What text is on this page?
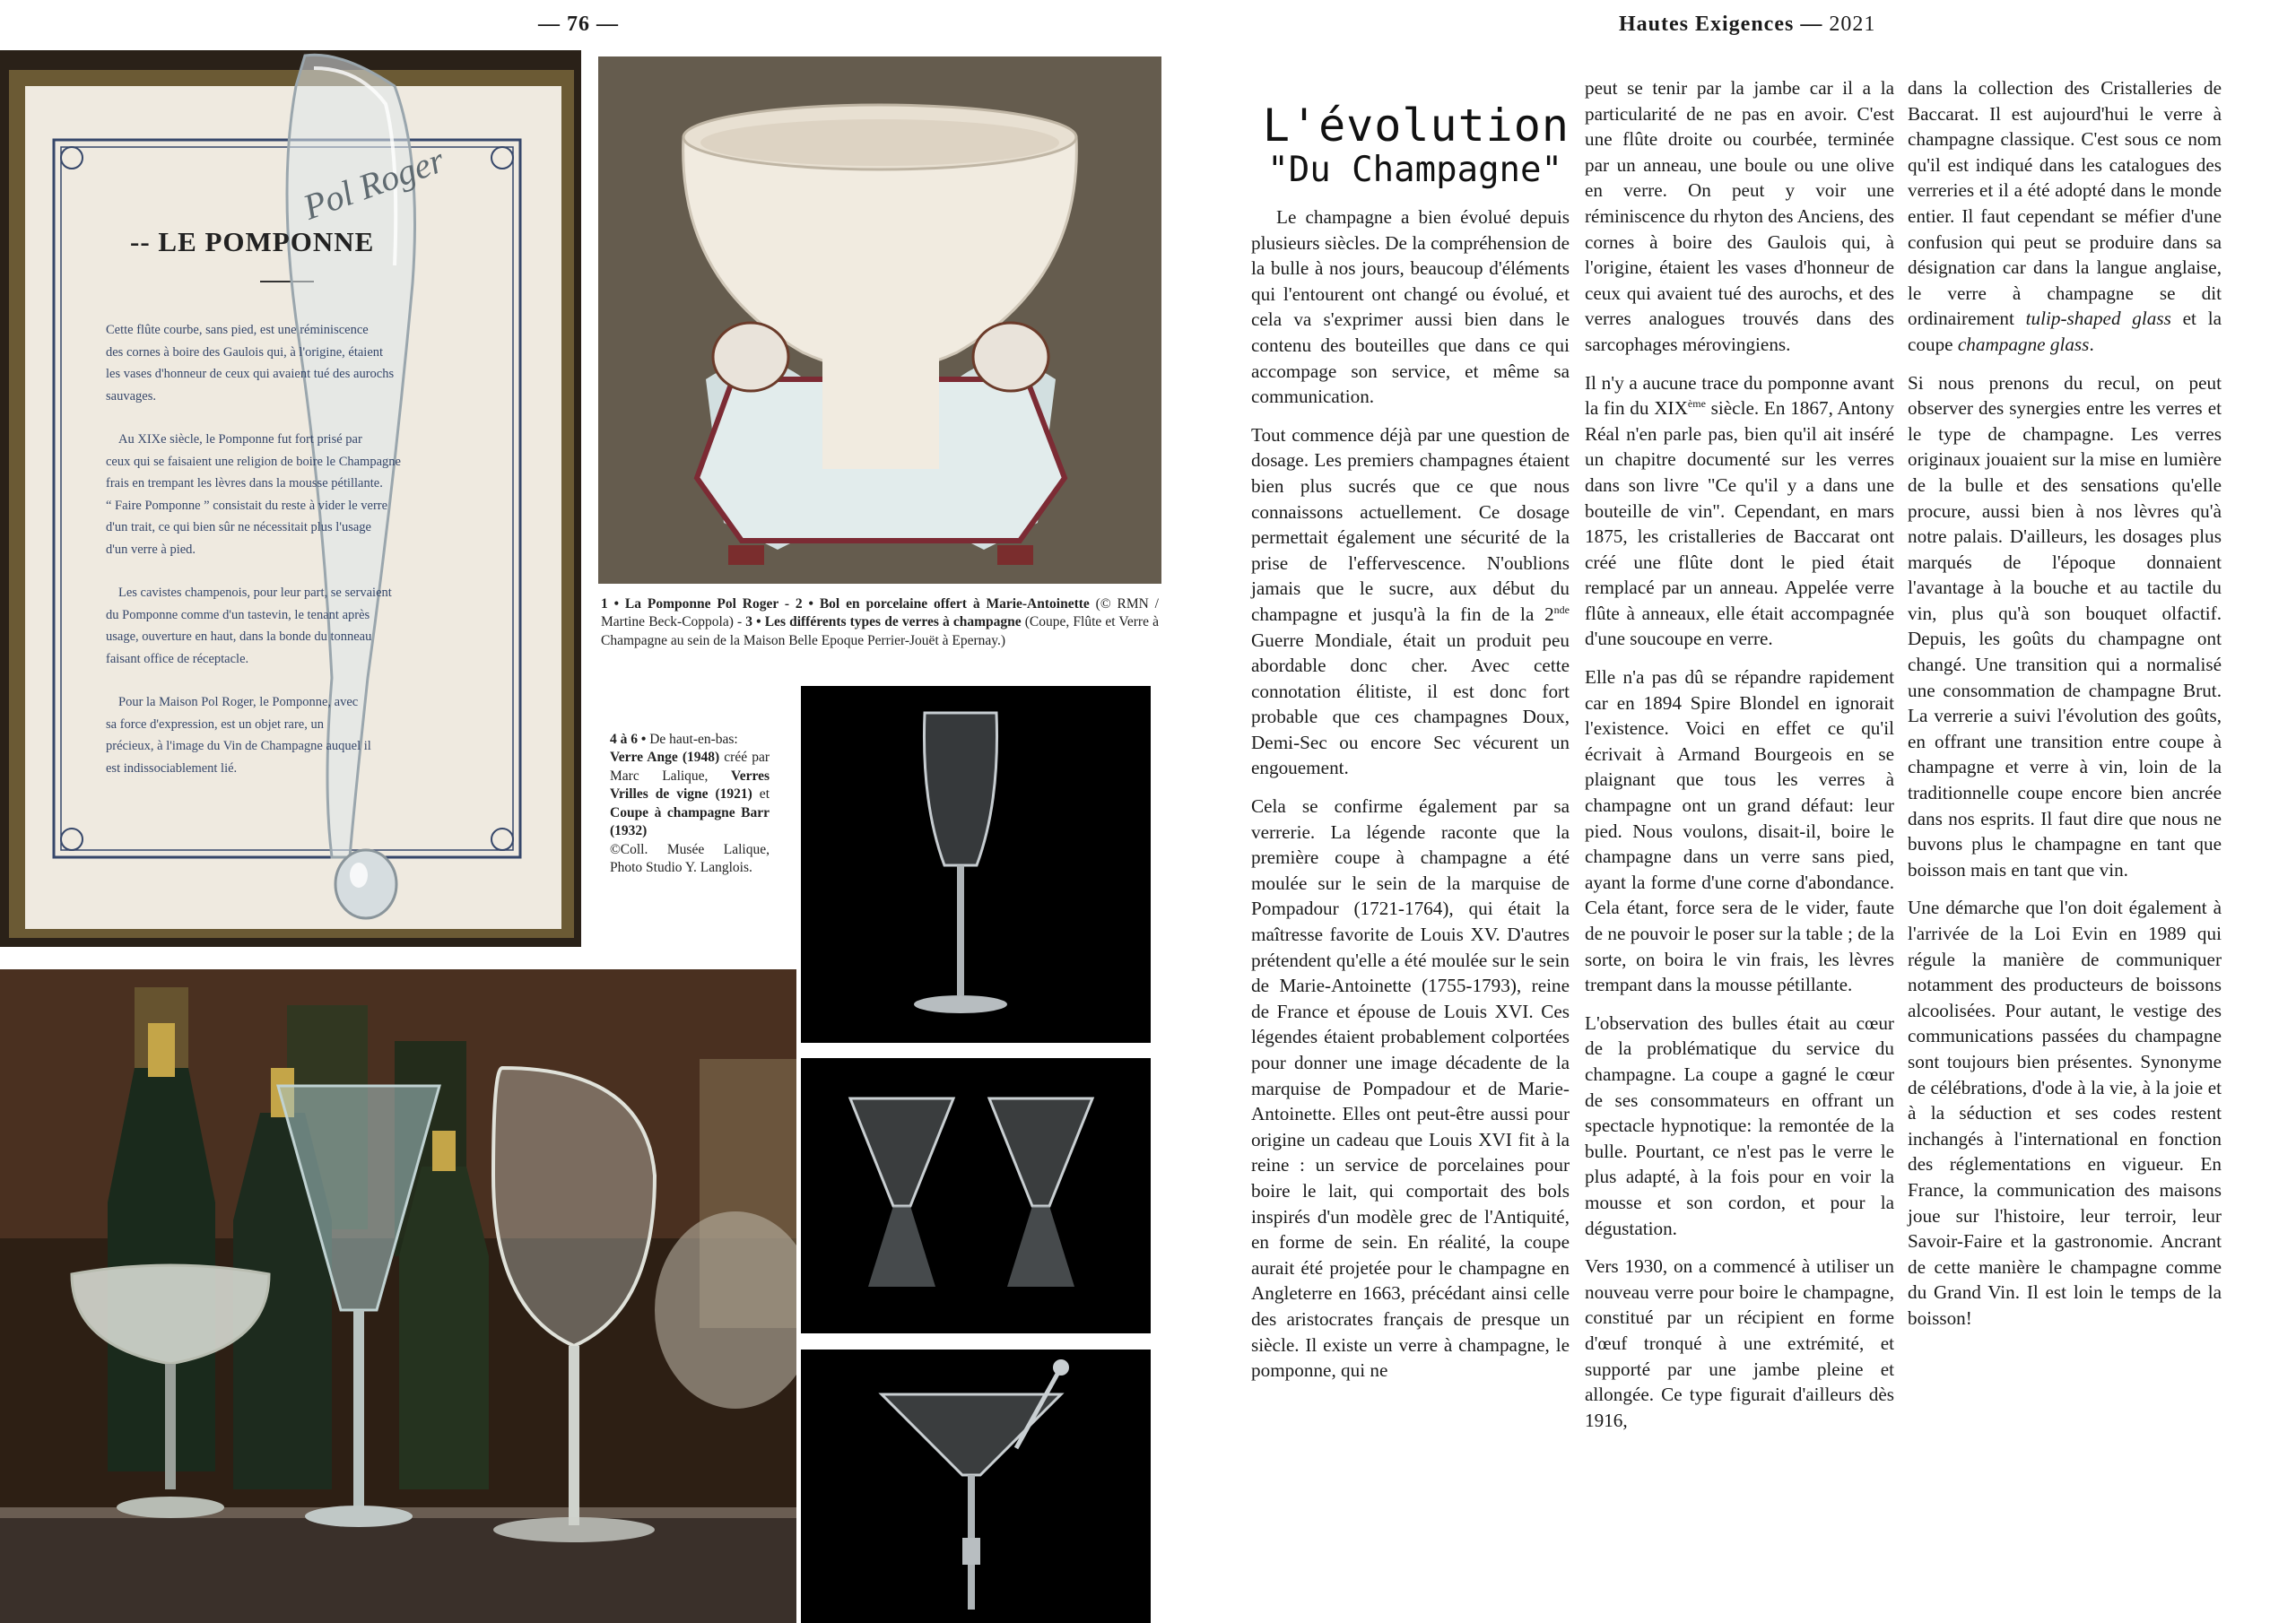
— 76 —	Hautes Exigences — 2021
-- LE POMPONNE
Pol Roger
Cette flûte courbe, sans pied, est une réminiscence
des cornes à boire des Gaulois qui, à l'origine, étaient
les vases d'honneur de ceux qui avaient tué des aurochs
sauvages.
Au XIXe siècle, le Pomponne fut fort prisé par
ceux qui se faisaient une religion de boire le Champagne
frais en trempant les lèvres dans la mousse pétillante.
“ Faire Pomponne ” consistait du reste à vider le verre
d'un trait, ce qui bien sûr ne nécessitait plus l'usage
d'un verre à pied.
Les cavistes champenois, pour leur part, se servaient
du Pomponne comme d'un tastevin, le tenant après
usage, ouverture en haut, dans la bonde du tonneau
faisant office de réceptacle.
Pour la Maison Pol Roger, le Pomponne, avec
sa force d'expression, est un objet rare, un
précieux, à l'image du Vin de Champagne auquel il
est indissociablement lié.
1 • La Pomponne Pol Roger - 2 • Bol en porcelaine offert à Marie-Antoinette (© RMN / Martine Beck-Coppola) - 3 • Les différents types de verres à champagne (Coupe, Flûte et Verre à Champagne au sein de la Maison Belle Epoque Perrier-Jouët à Epernay.)
4 à 6 • De haut-en-bas:
Verre Ange (1948) créé par Marc Lalique, Verres Vrilles de vigne (1921) et Coupe à champagne Barr (1932)
©Coll. Musée Lalique, Photo Studio Y. Langlois.
L'évolution
"Du Champagne"

Le champagne a bien évolué depuis plusieurs siècles. De la compréhension de la bulle à nos jours, beaucoup d'éléments qui l'entourent ont changé ou évolué, et cela va s'exprimer aussi bien dans le contenu des bouteilles que dans ce qui accompage son service, et même sa communication.

Tout commence déjà par une question de dosage. Les premiers champagnes étaient bien plus sucrés que ce que nous connaissons actuellement. Ce dosage permettait également une sécurité de la prise de l'effervescence. N'oublions jamais que le sucre, aux début du champagne et jusqu'à la fin de la 2nde Guerre Mondiale, était un produit peu abordable donc cher. Avec cette connotation élitiste, il est donc fort probable que ces champagnes Doux, Demi-Sec ou encore Sec vécurent un engouement.

Cela se confirme également par sa verrerie. La légende raconte que la première coupe à champagne a été moulée sur le sein de la marquise de Pompadour (1721-1764), qui était la maîtresse favorite de Louis XV. D'autres prétendent qu'elle a été moulée sur le sein de Marie-Antoinette (1755-1793), reine de France et épouse de Louis XVI. Ces légendes étaient probablement colportées pour donner une image décadente de la marquise de Pompadour et de Marie-Antoinette. Elles ont peut-être aussi pour origine un cadeau que Louis XVI fit à la reine : un service de porcelaines pour boire le lait, qui comportait des bols inspirés d'un modèle grec de l'Antiquité, en forme de sein. En réalité, la coupe aurait été projetée pour le champagne en Angleterre en 1663, précédant ainsi celle des aristocrates français de presque un siècle. Il existe un verre à champagne, le pomponne, qui ne

peut se tenir par la jambe car il a la particularité de ne pas en avoir. C'est une flûte droite ou courbée, terminée par un anneau, une boule ou une olive en verre. On peut y voir une réminiscence du rhyton des Anciens, des cornes à boire des Gaulois qui, à l'origine, étaient les vases d'honneur de ceux qui avaient tué des aurochs, et des verres analogues trouvés dans des sarcophages mérovingiens.

Il n'y a aucune trace du pomponne avant la fin du XIXème siècle. En 1867, Antony Réal n'en parle pas, bien qu'il ait inséré un chapitre documenté sur les verres dans son livre "Ce qu'il y a dans une bouteille de vin". Cependant, en mars 1875, les cristalleries de Baccarat ont créé une flûte dont le pied était remplacé par un anneau. Appelée verre flûte à anneaux, elle était accompagnée d'une soucoupe en verre.

Elle n'a pas dû se répandre rapidement car en 1894 Spire Blondel en ignorait l'existence. Voici en effet ce qu'il écrivait à Armand Bourgeois en se plaignant que tous les verres à champagne ont un grand défaut: leur pied. Nous voulons, disait-il, boire le champagne dans un verre sans pied, ayant la forme d'une corne d'abondance. Cela étant, force sera de le vider, faute de ne pouvoir le poser sur la table ; de la sorte, on boira le vin frais, les lèvres trempant dans la mousse pétillante.

L'observation des bulles était au cœur de la problématique du service du champagne. La coupe a gagné le cœur de ses consommateurs en offrant un spectacle hypnotique: la remontée de la bulle. Pourtant, ce n'est pas le verre le plus adapté, à la fois pour en voir la mousse et son cordon, et pour la dégustation.

Vers 1930, on a commencé à utiliser un nouveau verre pour boire le champagne, constitué par un récipient en forme d'œuf tronqué à une extrémité, et supporté par une jambe pleine et allongée. Ce type figurait d'ailleurs dès 1916,

dans la collection des Cristalleries de Baccarat. Il est aujourd'hui le verre à champagne classique. C'est sous ce nom qu'il est indiqué dans les catalogues des verreries et il a été adopté dans le monde entier. Il faut cependant se méfier d'une confusion qui peut se produire dans sa désignation car dans la langue anglaise, le verre à champagne se dit ordinairement tulip-shaped glass et la coupe champagne glass.

Si nous prenons du recul, on peut observer des synergies entre les verres et le type de champagne. Les verres originaux jouaient sur la mise en lumière de la bulle et des sensations qu'elle procure, aussi bien à nos lèvres qu'à notre palais. D'ailleurs, les dosages plus marqués de l'époque donnaient l'avantage à la bouche et au tactile du vin, plus qu'à son bouquet olfactif. Depuis, les goûts du champagne ont changé. Une transition qui a normalisé une consommation de champagne Brut. La verrerie a suivi l'évolution des goûts, en offrant une transition entre coupe à champagne et verre à vin, loin de la traditionnelle coupe encore bien ancrée dans nos esprits. Il faut dire que nous ne buvons plus le champagne en tant que boisson mais en tant que vin.

Une démarche que l'on doit également à l'arrivée de la Loi Evin en 1989 qui régule la manière de communiquer notamment des producteurs de boissons alcoolisées. Pour autant, le vestige des communications passées du champagne sont toujours bien présentes. Synonyme de célébrations, d'ode à la vie, à la joie et à la séduction et ses codes restent inchangés à l'international en fonction des réglementations en vigueur. En France, la communication des maisons joue sur l'histoire, leur terroir, leur Savoir-Faire et la gastronomie. Ancrant de cette manière le champagne comme du Grand Vin. Il est loin le temps de la boisson!
